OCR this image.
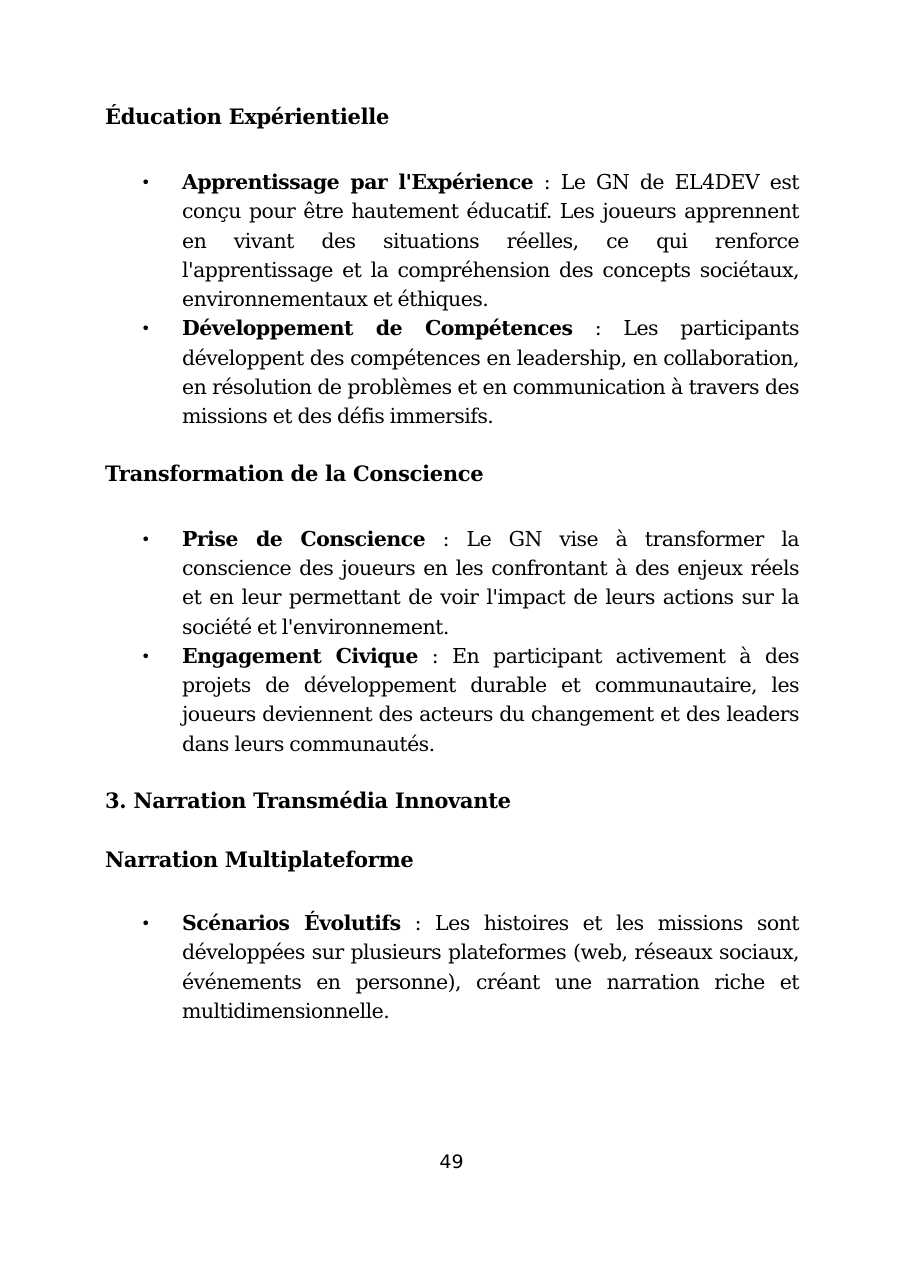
Éducation Expérientielle
• Apprentissage par l'Expérience : Le GN de EL4DEV est conçu pour être hautement éducatif. Les joueurs apprennent en vivant des situations réelles, ce qui renforce l'apprentissage et la compréhension des concepts sociétaux, environnementaux et éthiques.
• Développement de Compétences : Les participants développent des compétences en leadership, en collaboration, en résolution de problèmes et en communication à travers des missions et des défis immersifs.
Transformation de la Conscience
• Prise de Conscience : Le GN vise à transformer la conscience des joueurs en les confrontant à des enjeux réels et en leur permettant de voir l'impact de leurs actions sur la société et l'environnement.
• Engagement Civique : En participant activement à des projets de développement durable et communautaire, les joueurs deviennent des acteurs du changement et des leaders dans leurs communautés.
3. Narration Transmédia Innovante
Narration Multiplateforme
• Scénarios Évolutifs : Les histoires et les missions sont développées sur plusieurs plateformes (web, réseaux sociaux, événements en personne), créant une narration riche et multidimensionnelle.
49
